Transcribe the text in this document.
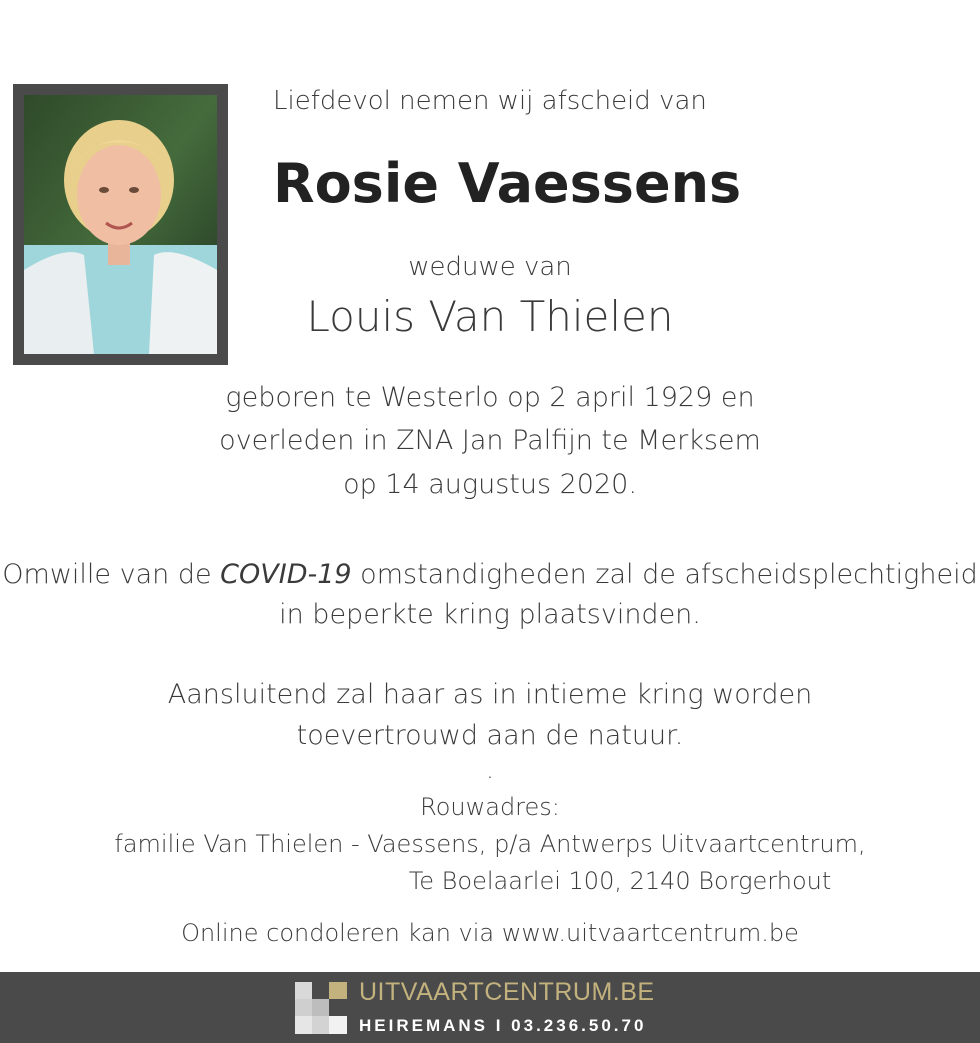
Liefdevol nemen wij afscheid van
Rosie Vaessens
weduwe van
Louis Van Thielen
geboren te Westerlo op 2 april 1929 en
overleden in ZNA Jan Palfijn te Merksem
op 14 augustus 2020.
Omwille van de COVID-19 omstandigheden zal de afscheidsplechtigheid
in beperkte kring plaatsvinden.
Aansluitend zal haar as in intieme kring worden
toevertrouwd aan de natuur.
.
Rouwadres:
familie Van Thielen - Vaessens, p/a Antwerps Uitvaartcentrum,
Te Boelaarlei 100, 2140 Borgerhout
Online condoleren kan via www.uitvaartcentrum.be
UITVAARTCENTRUM.BE
HEIREMANS I 03.236.50.70
